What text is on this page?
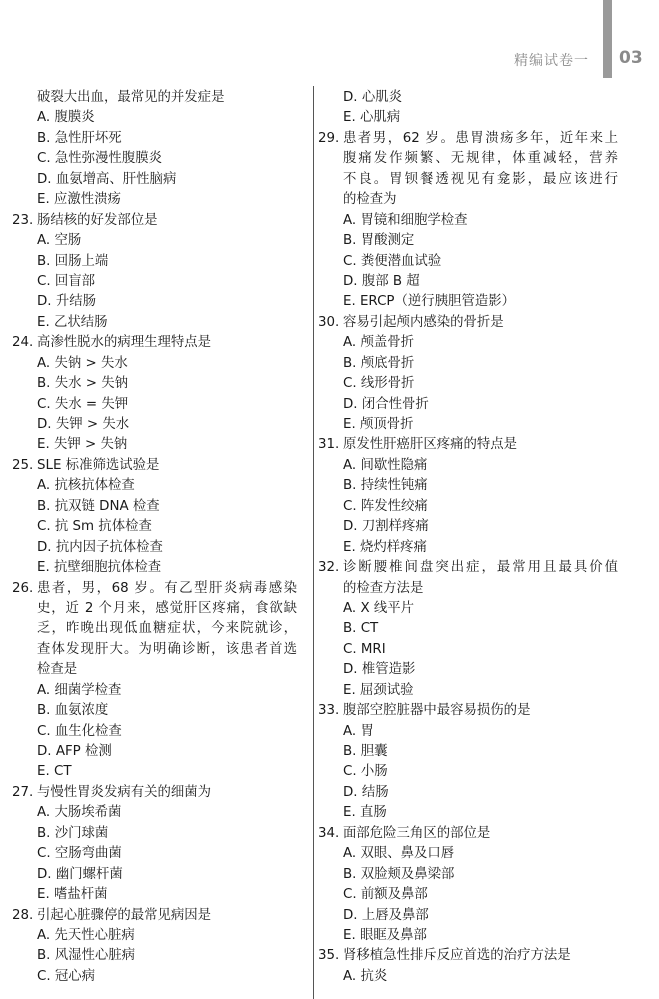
精编试卷一 03
破裂大出血，最常见的并发症是
A. 腹膜炎
B. 急性肝坏死
C. 急性弥漫性腹膜炎
D. 血氨增高、肝性脑病
E. 应激性溃疡
23. 肠结核的好发部位是
A. 空肠
B. 回肠上端
C. 回盲部
D. 升结肠
E. 乙状结肠
24. 高渗性脱水的病理生理特点是
A. 失钠 > 失水
B. 失水 > 失钠
C. 失水 = 失钾
D. 失钾 > 失水
E. 失钾 > 失钠
25. SLE 标准筛选试验是
A. 抗核抗体检查
B. 抗双链 DNA 检查
C. 抗 Sm 抗体检查
D. 抗内因子抗体检查
E. 抗壁细胞抗体检查
26. 患者，男，68 岁。有乙型肝炎病毒感染
史，近 2 个月来，感觉肝区疼痛，食欲缺
乏，昨晚出现低血糖症状，今来院就诊，
查体发现肝大。为明确诊断，该患者首选
检查是
A. 细菌学检查
B. 血氨浓度
C. 血生化检查
D. AFP 检测
E. CT
27. 与慢性胃炎发病有关的细菌为
A. 大肠埃希菌
B. 沙门球菌
C. 空肠弯曲菌
D. 幽门螺杆菌
E. 嗜盐杆菌
28. 引起心脏骤停的最常见病因是
A. 先天性心脏病
B. 风湿性心脏病
C. 冠心病
D. 心肌炎
E. 心肌病
29. 患者男，62 岁。患胃溃疡多年，近年来上
腹痛发作频繁、无规律，体重减轻，营养
不良。胃钡餐透视见有龛影，最应该进行
的检查为
A. 胃镜和细胞学检查
B. 胃酸测定
C. 粪便潜血试验
D. 腹部 B 超
E. ERCP（逆行胰胆管造影）
30. 容易引起颅内感染的骨折是
A. 颅盖骨折
B. 颅底骨折
C. 线形骨折
D. 闭合性骨折
E. 颅顶骨折
31. 原发性肝癌肝区疼痛的特点是
A. 间歇性隐痛
B. 持续性钝痛
C. 阵发性绞痛
D. 刀割样疼痛
E. 烧灼样疼痛
32. 诊断腰椎间盘突出症，最常用且最具价值
的检查方法是
A. X 线平片
B. CT
C. MRI
D. 椎管造影
E. 屈颈试验
33. 腹部空腔脏器中最容易损伤的是
A. 胃
B. 胆囊
C. 小肠
D. 结肠
E. 直肠
34. 面部危险三角区的部位是
A. 双眼、鼻及口唇
B. 双脸颊及鼻梁部
C. 前额及鼻部
D. 上唇及鼻部
E. 眼眶及鼻部
35. 肾移植急性排斥反应首选的治疗方法是
A. 抗炎
